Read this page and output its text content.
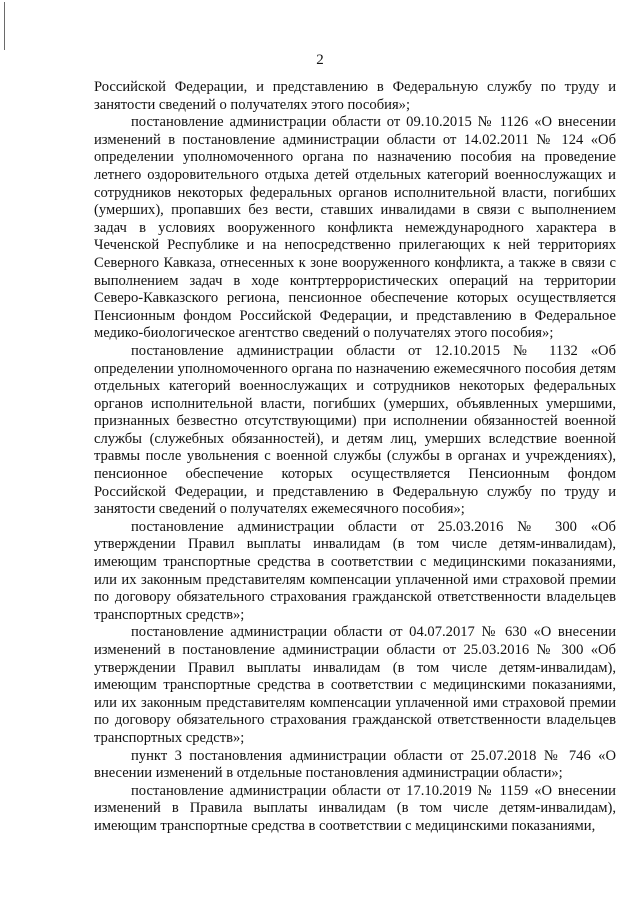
2

Российской Федерации, и представлению в Федеральную службу по труду и занятости сведений о получателях этого пособия»;

постановление администрации области от 09.10.2015 № 1126 «О внесении изменений в постановление администрации области от 14.02.2011 № 124 «Об определении уполномоченного органа по назначению пособия на проведение летнего оздоровительного отдыха детей отдельных категорий военнослужащих и сотрудников некоторых федеральных органов исполнительной власти, погибших (умерших), пропавших без вести, ставших инвалидами в связи с выполнением задач в условиях вооруженного конфликта немеждународного характера в Чеченской Республике и на непосредственно прилегающих к ней территориях Северного Кавказа, отнесенных к зоне вооруженного конфликта, а также в связи с выполнением задач в ходе контртеррористических операций на территории Северо-Кавказского региона, пенсионное обеспечение которых осуществляется Пенсионным фондом Российской Федерации, и представлению в Федеральное медико-биологическое агентство сведений о получателях этого пособия»;

постановление администрации области от 12.10.2015 № 1132 «Об определении уполномоченного органа по назначению ежемесячного пособия детям отдельных категорий военнослужащих и сотрудников некоторых федеральных органов исполнительной власти, погибших (умерших, объявленных умершими, признанных безвестно отсутствующими) при исполнении обязанностей военной службы (служебных обязанностей), и детям лиц, умерших вследствие военной травмы после увольнения с военной службы (службы в органах и учреждениях), пенсионное обеспечение которых осуществляется Пенсионным фондом Российской Федерации, и представлению в Федеральную службу по труду и занятости сведений о получателях ежемесячного пособия»;

постановление администрации области от 25.03.2016 № 300 «Об утверждении Правил выплаты инвалидам (в том числе детям-инвалидам), имеющим транспортные средства в соответствии с медицинскими показаниями, или их законным представителям компенсации уплаченной ими страховой премии по договору обязательного страхования гражданской ответственности владельцев транспортных средств»;

постановление администрации области от 04.07.2017 № 630 «О внесении изменений в постановление администрации области от 25.03.2016 № 300 «Об утверждении Правил выплаты инвалидам (в том числе детям-инвалидам), имеющим транспортные средства в соответствии с медицинскими показаниями, или их законным представителям компенсации уплаченной ими страховой премии по договору обязательного страхования гражданской ответственности владельцев транспортных средств»;

пункт 3 постановления администрации области от 25.07.2018 № 746 «О внесении изменений в отдельные постановления администрации области»;

постановление администрации области от 17.10.2019 № 1159 «О внесении изменений в Правила выплаты инвалидам (в том числе детям-инвалидам), имеющим транспортные средства в соответствии с медицинскими показаниями,
